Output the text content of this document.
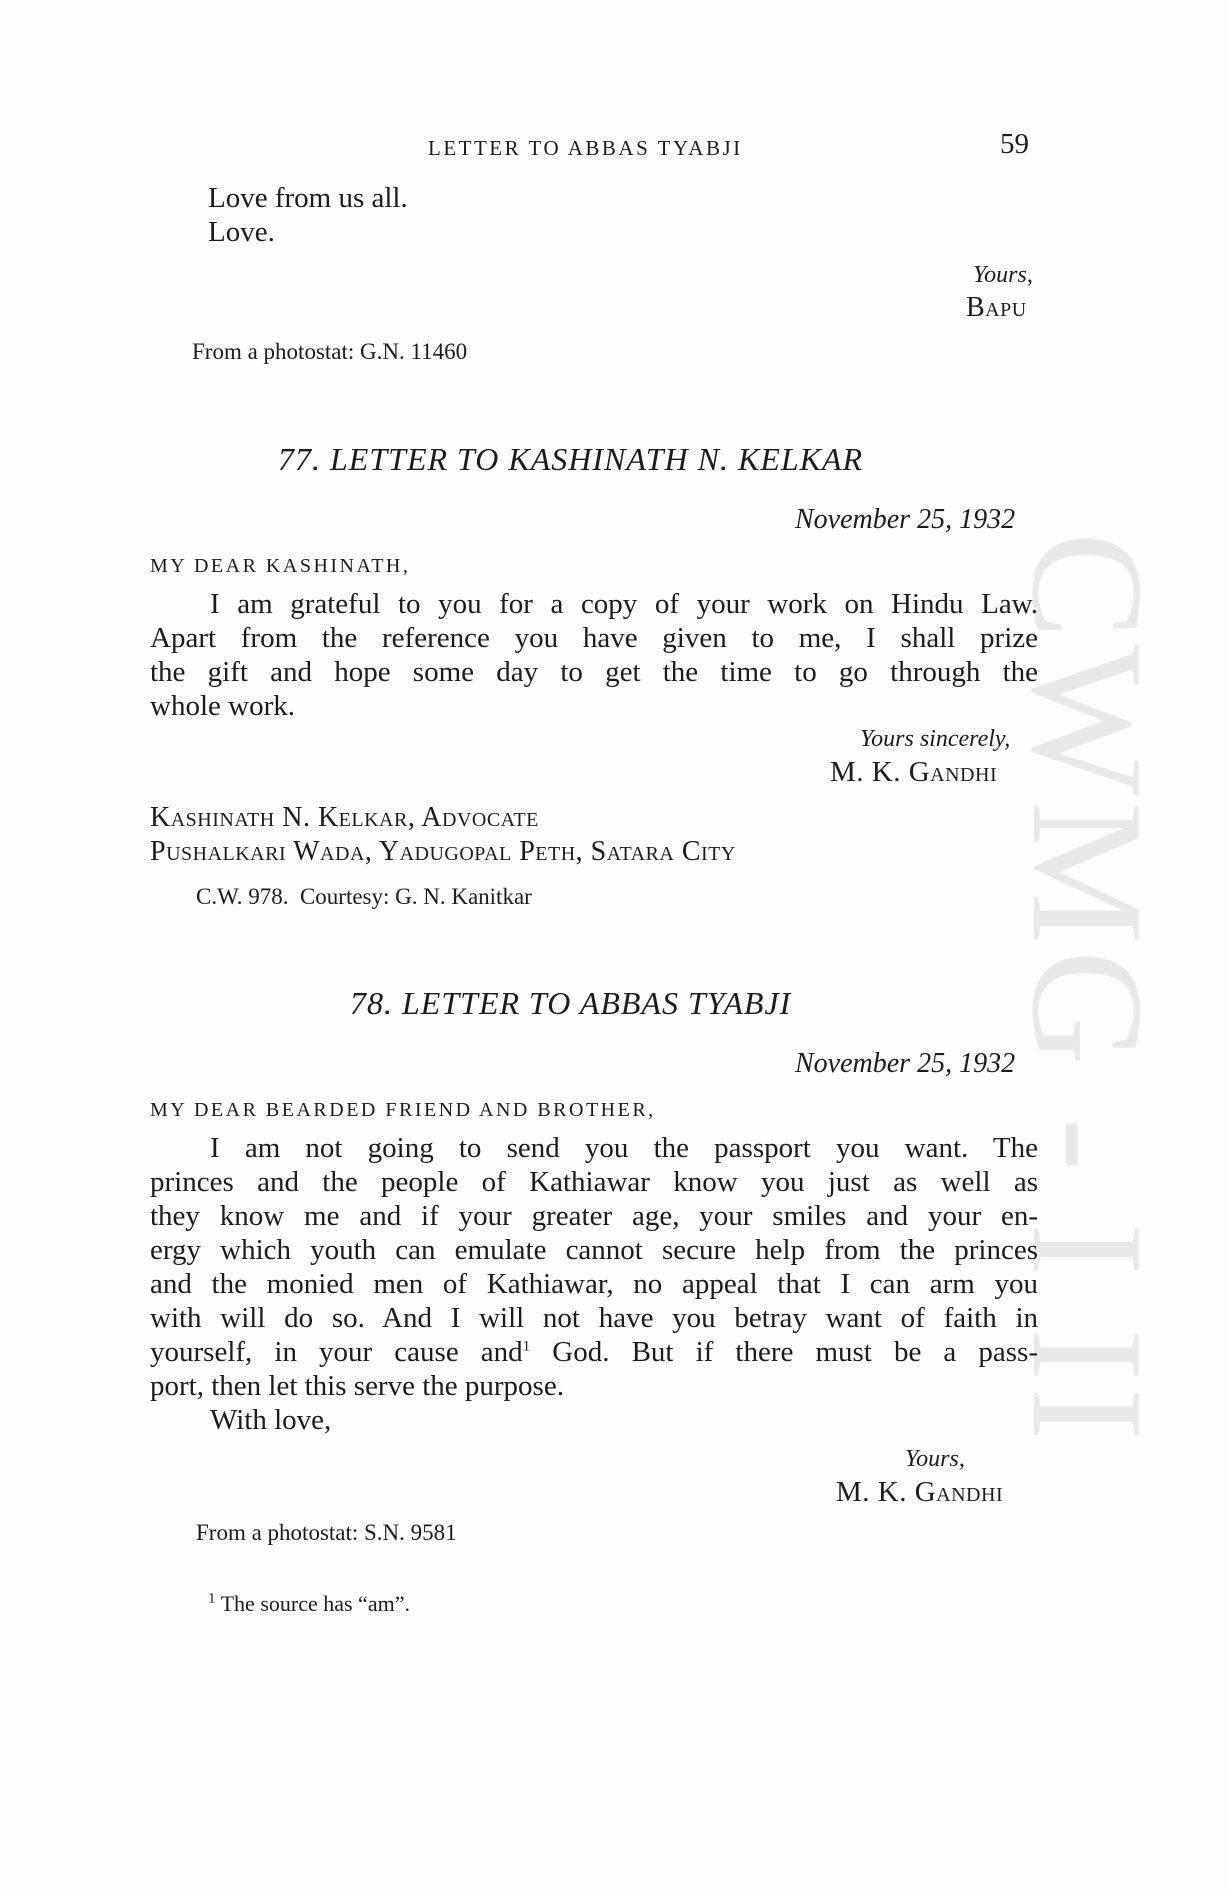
CWMG - I II
LETTER TO ABBAS TYABJI	59
Love from us all.
Love.
Yours,
Bapu
From a photostat: G.N. 11460
77. LETTER TO KASHINATH N. KELKAR
November 25, 1932
MY DEAR KASHINATH,
I am grateful to you for a copy of your work on Hindu Law.
Apart from the reference you have given to me, I shall prize
the gift and hope some day to get the time to go through the
whole work.
Yours sincerely,
M. K. Gandhi
Kashinath N. Kelkar, Advocate
Pushalkari Wada, Yadugopal Peth, Satara City
C.W. 978.  Courtesy: G. N. Kanitkar
78. LETTER TO ABBAS TYABJI
November 25, 1932
MY DEAR BEARDED FRIEND AND BROTHER,
I am not going to send you the passport you want. The
princes and the people of Kathiawar know you just as well as
they know me and if your greater age, your smiles and your en-
ergy which youth can emulate cannot secure help from the princes
and the monied men of Kathiawar, no appeal that I can arm you
with will do so. And I will not have you betray want of faith in
yourself, in your cause and$^1$ God. But if there must be a pass-
port, then let this serve the purpose.
With love,
Yours,
M. K. Gandhi
From a photostat: S.N. 9581
$^1$ The source has “am”.
